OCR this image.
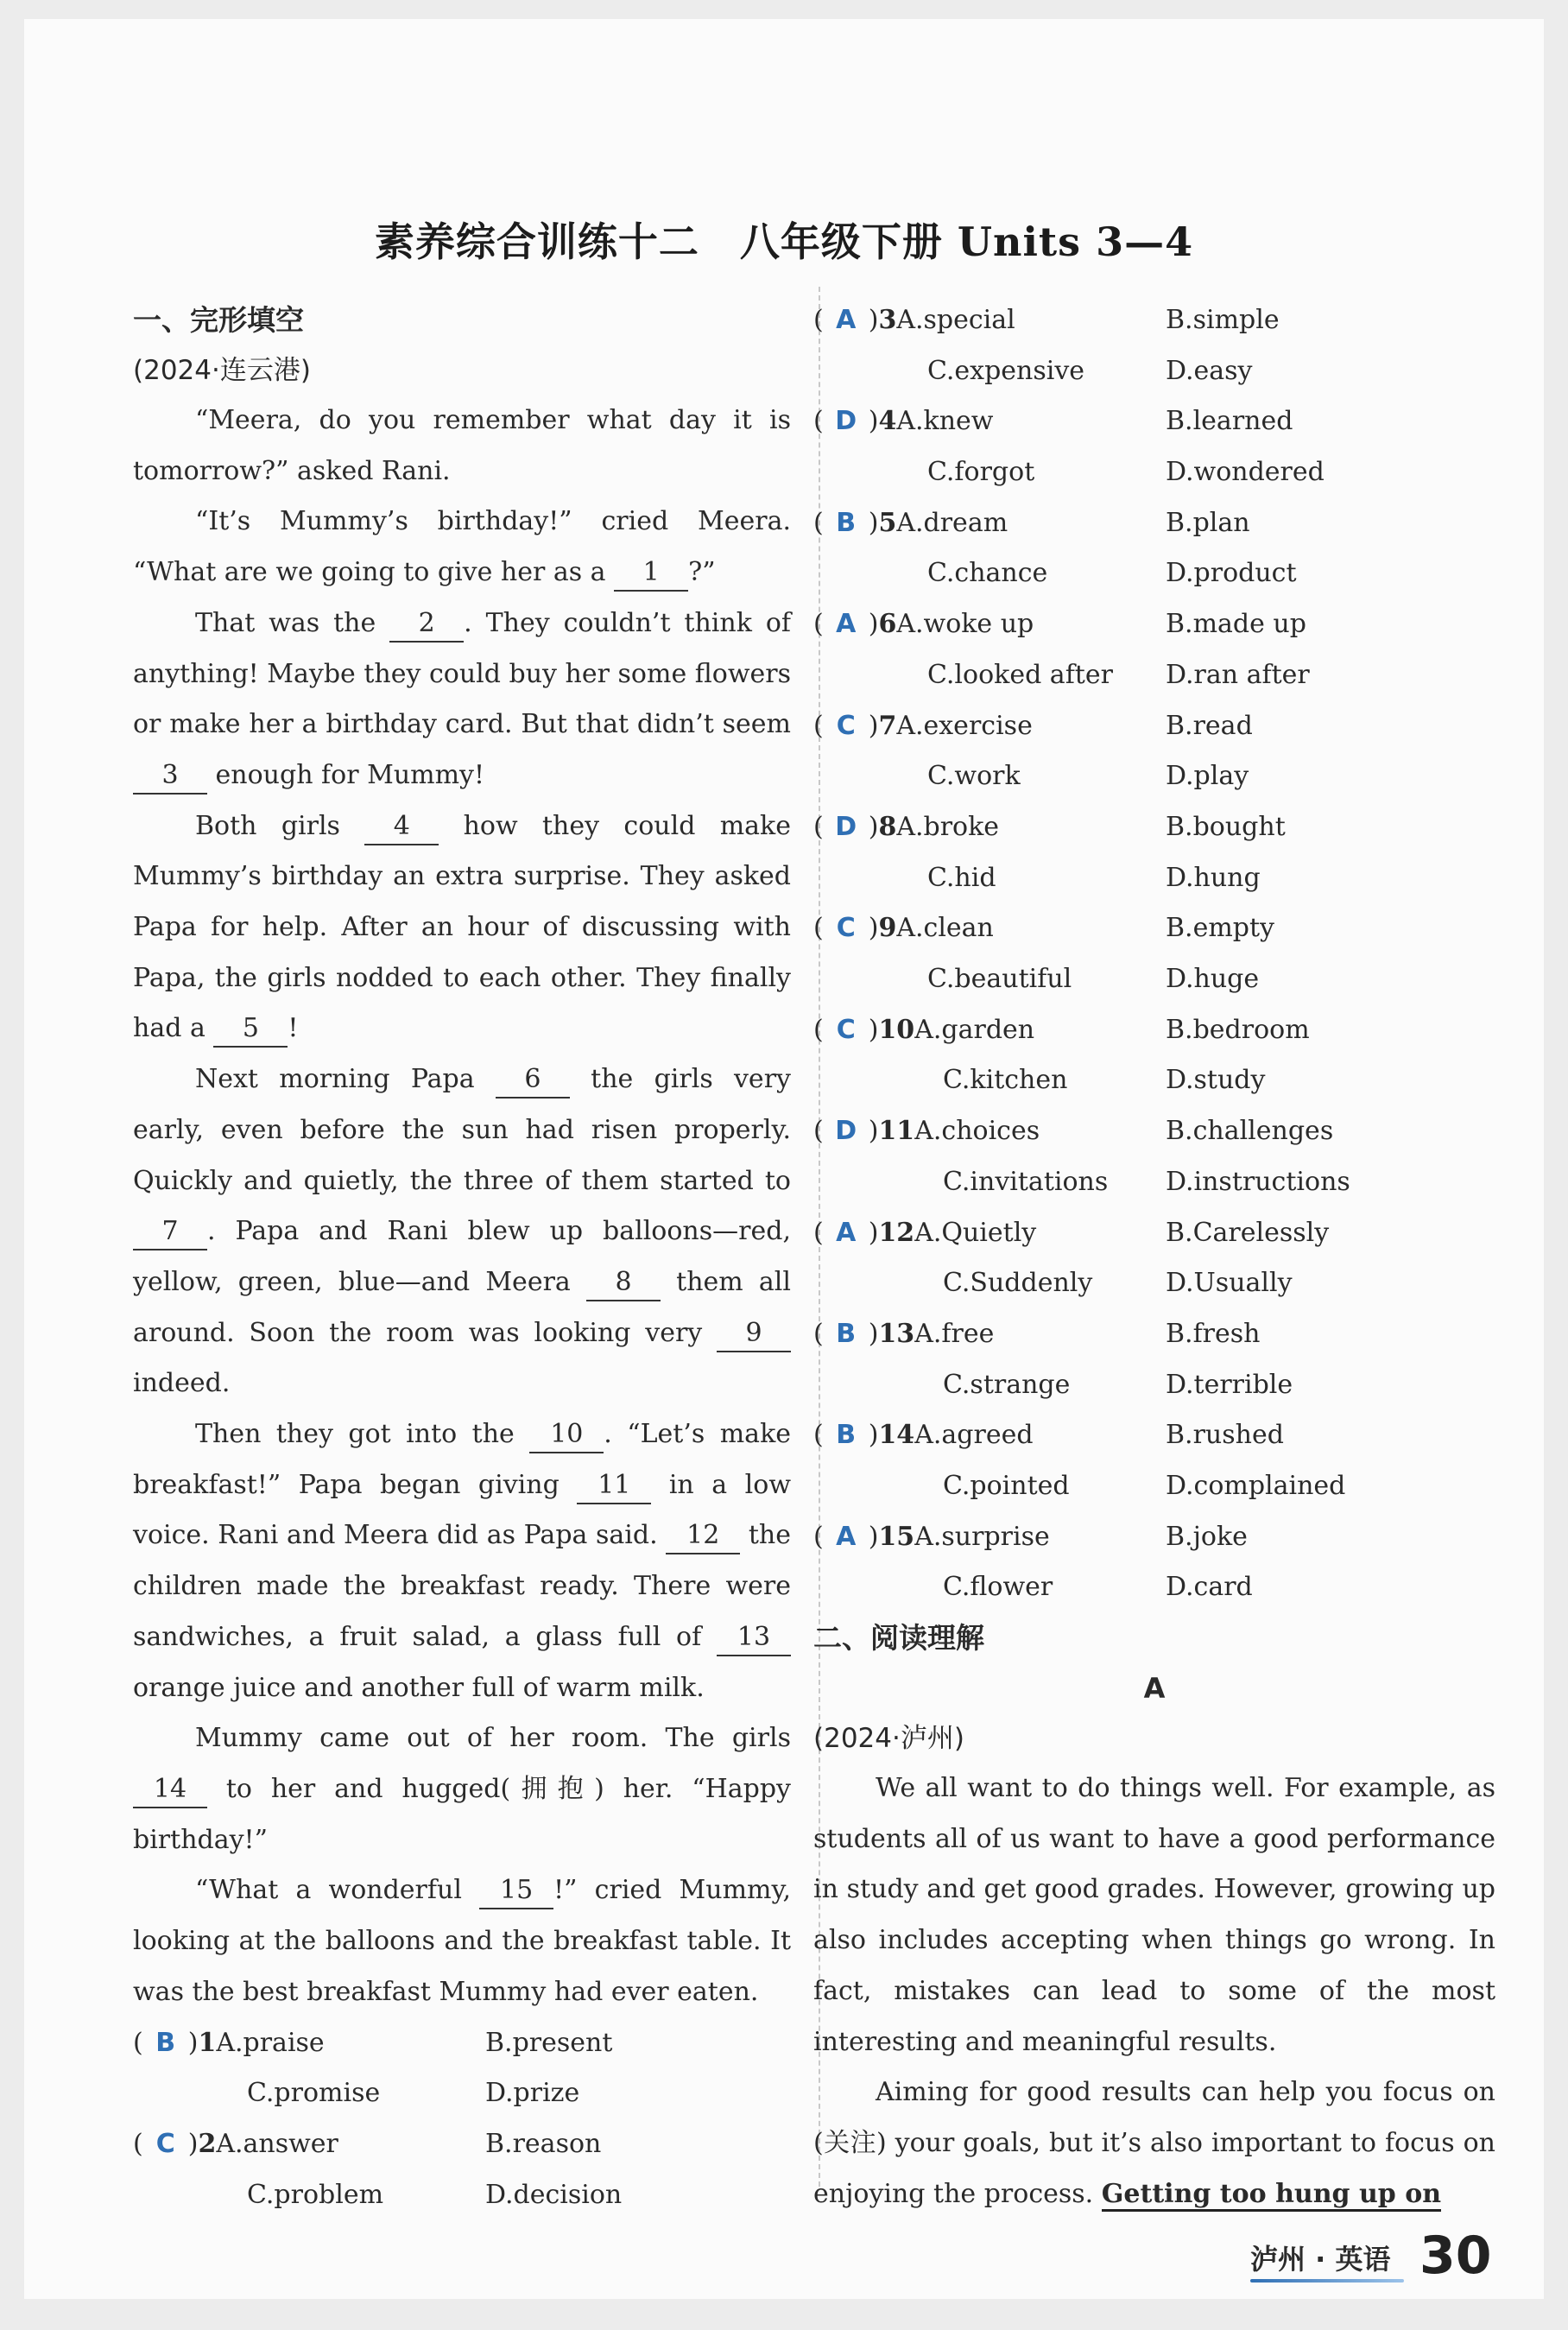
素养综合训练十二　八年级下册 Units 3—4
一、完形填空
(2024·连云港)

“Meera, do you remember what day it is tomorrow?” asked Rani.

“It’s Mummy’s birthday!” cried Meera. “What are we going to give her as a 1 ?”

That was the 2 . They couldn’t think of anything! Maybe they could buy her some flowers or make her a birthday card. But that didn’t seem 3 enough for Mummy!

Both girls 4 how they could make Mummy’s birthday an extra surprise. They asked Papa for help. After an hour of discussing with Papa, the girls nodded to each other. They finally had a 5 !

Next morning Papa 6 the girls very early, even before the sun had risen properly. Quickly and quietly, the three of them started to 7 . Papa and Rani blew up balloons—red, yellow, green, blue—and Meera 8 them all around. Soon the room was looking very 9 indeed.

Then they got into the 10 . “Let’s make breakfast!” Papa began giving 11 in a low voice. Rani and Meera did as Papa said. 12 the children made the breakfast ready. There were sandwiches, a fruit salad, a glass full of 13 orange juice and another full of warm milk.

Mummy came out of her room. The girls 14 to her and hugged(拥抱) her. “Happy birthday!”

“What a wonderful 15 !” cried Mummy, looking at the balloons and the breakfast table. It was the best breakfast Mummy had ever eaten.

( B )1A.praise	B.present
C.promise	D.prize
( C )2A.answer	B.reason
C.problem	D.decision
( A )3A.special	B.simple
C.expensive	D.easy
( D )4A.knew	B.learned
C.forgot	D.wondered
( B )5A.dream	B.plan
C.chance	D.product
( A )6A.woke up	B.made up
C.looked after D.ran after
( C )7A.exercise	B.read
C.work	D.play
( D )8A.broke	B.bought
C.hid	D.hung
( C )9A.clean	B.empty
C.beautiful	D.huge
( C )10A.garden	B.bedroom
C.kitchen	D.study
( D )11A.choices	B.challenges
C.invitations D.instructions
( A )12A.Quietly	B.Carelessly
C.Suddenly	D.Usually
( B )13A.free	B.fresh
C.strange	D.terrible
( B )14A.agreed	B.rushed
C.pointed	D.complained
( A )15A.surprise	B.joke
C.flower	D.card
二、阅读理解
A
(2024·泸州)

We all want to do things well. For example, as students all of us want to have a good performance in study and get good grades. However, growing up also includes accepting when things go wrong. In fact, mistakes can lead to some of the most interesting and meaningful results.

Aiming for good results can help you focus on (关注) your goals, but it’s also important to focus on enjoying the process. Getting too hung up on

泸州 · 英语 30
